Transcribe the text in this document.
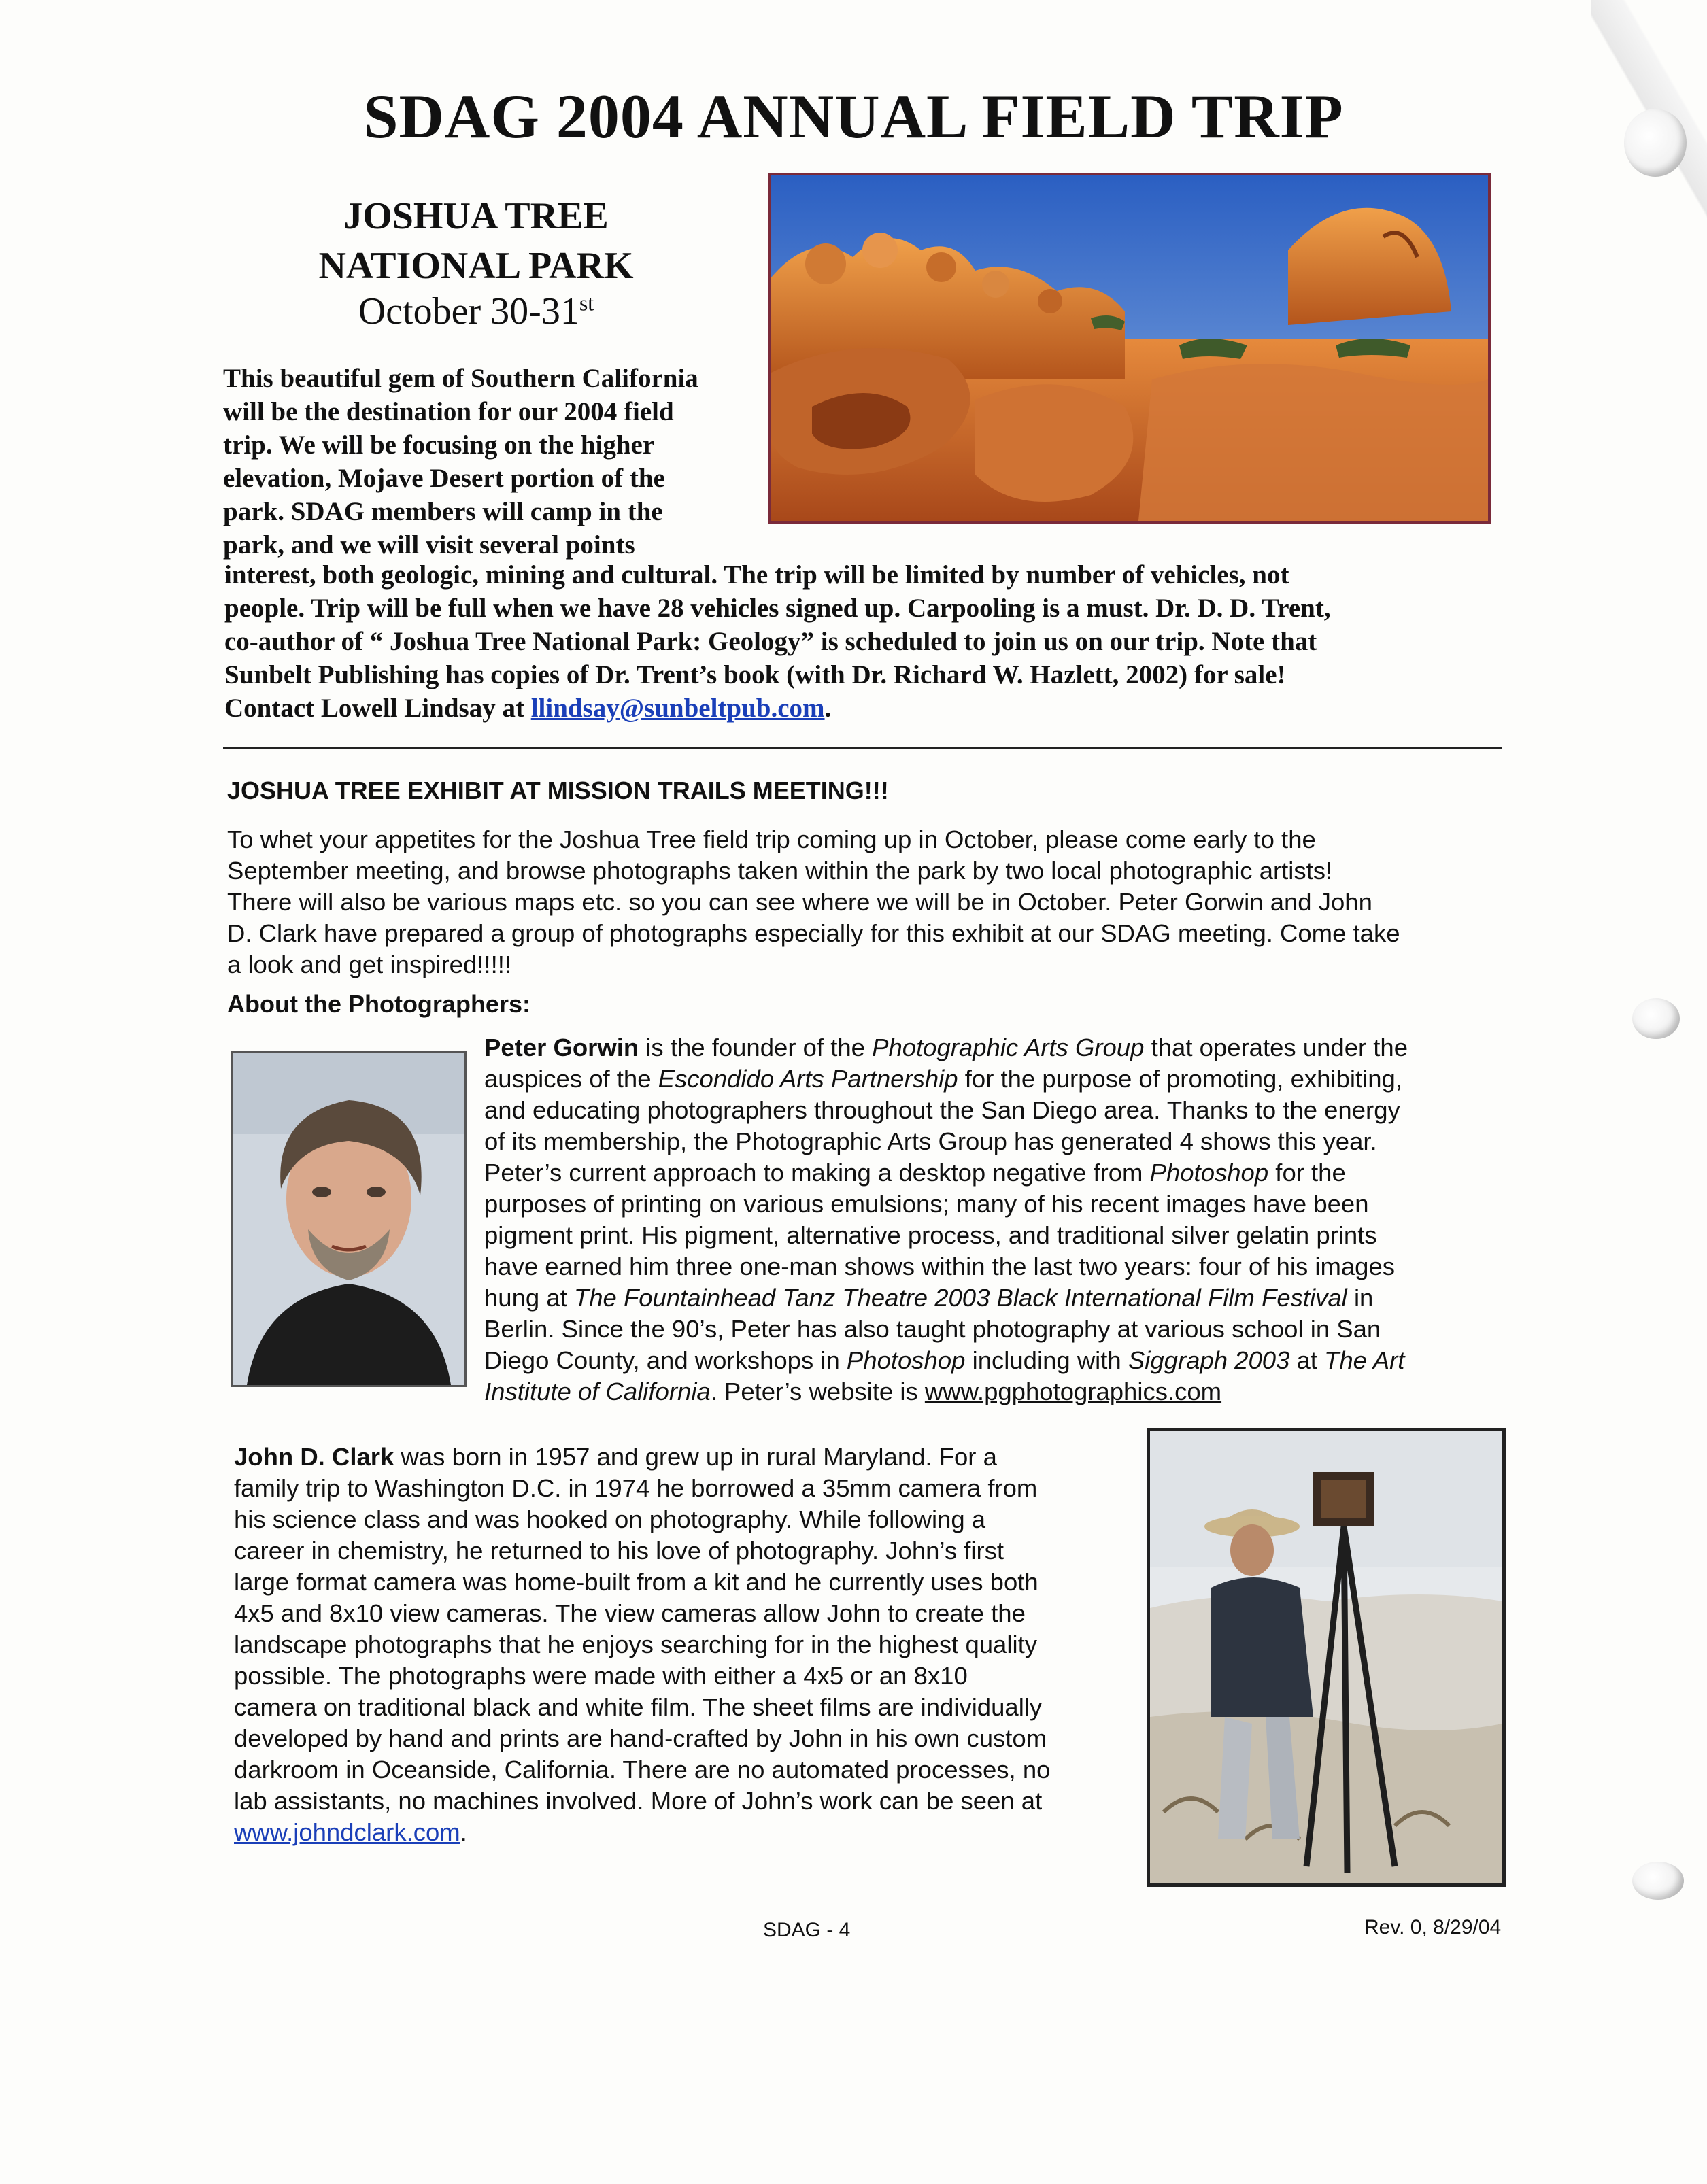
SDAG 2004 ANNUAL FIELD TRIP
JOSHUA TREE
NATIONAL PARK
October 30-31st
This beautiful gem of Southern California
will be the destination for our 2004 field
trip. We will be focusing on the higher
elevation, Mojave Desert portion of the
park. SDAG members will camp in the
park, and we will visit several points
interest, both geologic, mining and cultural. The trip will be limited by number of vehicles, not
people. Trip will be full when we have 28 vehicles signed up. Carpooling is a must. Dr. D. D. Trent,
co-author of “ Joshua Tree National Park: Geology” is scheduled to join us on our trip. Note that
Sunbelt Publishing has copies of Dr. Trent’s book (with Dr. Richard W. Hazlett, 2002) for sale!
Contact Lowell Lindsay at llindsay@sunbeltpub.com.
JOSHUA TREE EXHIBIT AT MISSION TRAILS MEETING!!!
To whet your appetites for the Joshua Tree field trip coming up in October, please come early to the
September meeting, and browse photographs taken within the park by two local photographic artists!
There will also be various maps etc. so you can see where we will be in October. Peter Gorwin and John
D. Clark have prepared a group of photographs especially for this exhibit at our SDAG meeting. Come take
a look and get inspired!!!!!
About the Photographers:
Peter Gorwin is the founder of the Photographic Arts Group that operates under the
auspices of the Escondido Arts Partnership for the purpose of promoting, exhibiting,
and educating photographers throughout the San Diego area. Thanks to the energy
of its membership, the Photographic Arts Group has generated 4 shows this year.
Peter’s current approach to making a desktop negative from Photoshop for the
purposes of printing on various emulsions; many of his recent images have been
pigment print. His pigment, alternative process, and traditional silver gelatin prints
have earned him three one-man shows within the last two years: four of his images
hung at The Fountainhead Tanz Theatre 2003 Black International Film Festival in
Berlin. Since the 90’s, Peter has also taught photography at various school in San
Diego County, and workshops in Photoshop including with Siggraph 2003 at The Art
Institute of California. Peter’s website is www.pgphotographics.com
John D. Clark was born in 1957 and grew up in rural Maryland. For a
family trip to Washington D.C. in 1974 he borrowed a 35mm camera from
his science class and was hooked on photography. While following a
career in chemistry, he returned to his love of photography. John’s first
large format camera was home-built from a kit and he currently uses both
4x5 and 8x10 view cameras. The view cameras allow John to create the
landscape photographs that he enjoys searching for in the highest quality
possible. The photographs were made with either a 4x5 or an 8x10
camera on traditional black and white film. The sheet films are individually
developed by hand and prints are hand-crafted by John in his own custom
darkroom in Oceanside, California. There are no automated processes, no
lab assistants, no machines involved. More of John’s work can be seen at
www.johndclark.com.
SDAG - 4	Rev. 0, 8/29/04
